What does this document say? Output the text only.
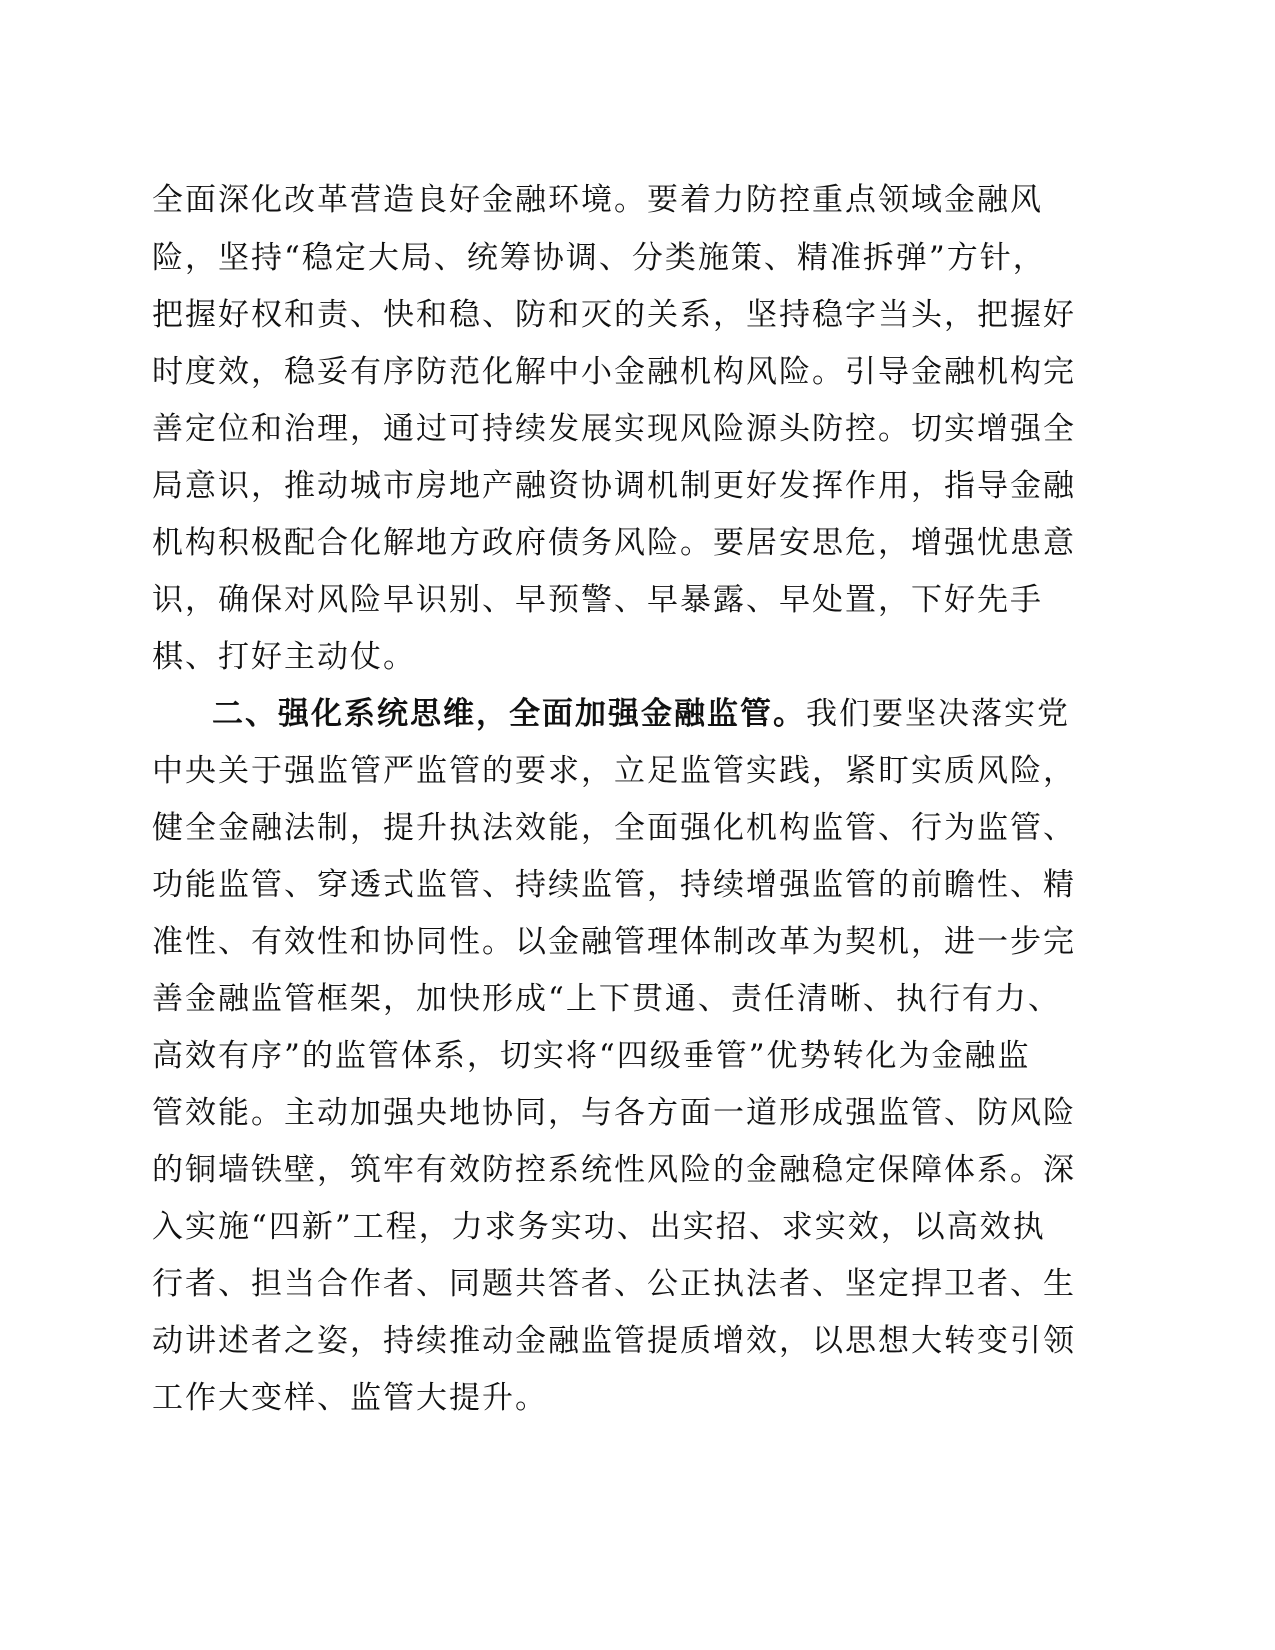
全面深化改革营造良好金融环境。要着力防控重点领域金融风
险，坚持“稳定大局、统筹协调、分类施策、精准拆弹”方针，
把握好权和责、快和稳、防和灭的关系，坚持稳字当头，把握好
时度效，稳妥有序防范化解中小金融机构风险。引导金融机构完
善定位和治理，通过可持续发展实现风险源头防控。切实增强全
局意识，推动城市房地产融资协调机制更好发挥作用，指导金融
机构积极配合化解地方政府债务风险。要居安思危，增强忧患意
识，确保对风险早识别、早预警、早暴露、早处置，下好先手
棋、打好主动仗。
二、强化系统思维，全面加强金融监管。我们要坚决落实党
中央关于强监管严监管的要求，立足监管实践，紧盯实质风险，
健全金融法制，提升执法效能，全面强化机构监管、行为监管、
功能监管、穿透式监管、持续监管，持续增强监管的前瞻性、精
准性、有效性和协同性。以金融管理体制改革为契机，进一步完
善金融监管框架，加快形成“上下贯通、责任清晰、执行有力、
高效有序”的监管体系，切实将“四级垂管”优势转化为金融监
管效能。主动加强央地协同，与各方面一道形成强监管、防风险
的铜墙铁壁，筑牢有效防控系统性风险的金融稳定保障体系。深
入实施“四新”工程，力求务实功、出实招、求实效，以高效执
行者、担当合作者、同题共答者、公正执法者、坚定捍卫者、生
动讲述者之姿，持续推动金融监管提质增效，以思想大转变引领
工作大变样、监管大提升。
